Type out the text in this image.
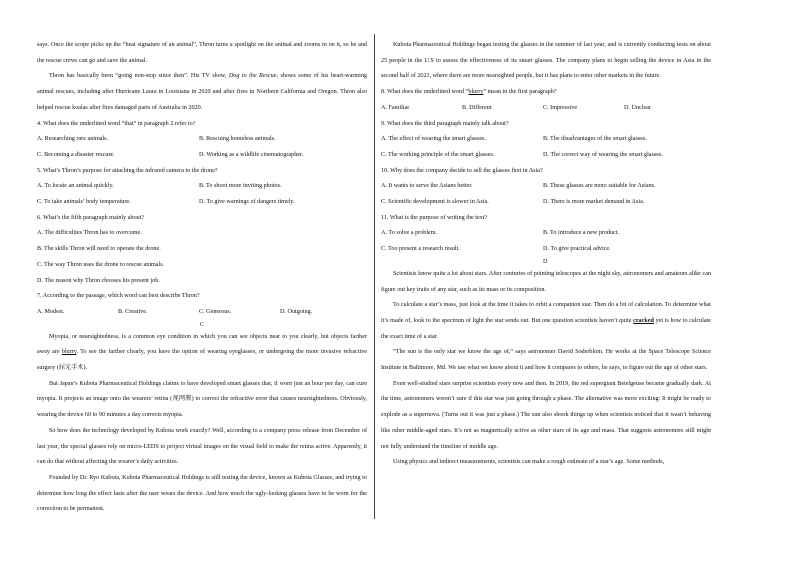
says. Once the scope picks up the “heat signature of an animal”, Thron turns a spotlight on the animal and zooms in on it, so he and the rescue crews can go and save the animal.

Thron has basically been “going non-stop since then”. His TV show, Dog to the Rescue, shows some of his heart-warming animal rescues, including after Hurricane Laura in Louisiana in 2020 and after fires in Northern California and Oregon. Thron also helped rescue koalas after fires damaged parts of Australia in 2020.

4. What does the underlined word “that” in paragraph 2 refer to?

A. Researching rare animals.	B. Rescuing homeless animals.
C. Becoming a disaster rescuer.	D. Working as a wildlife cinematographer.

5. What’s Thron’s purpose for attaching the infrared camera to the drone?

A. To locate an animal quickly.	B. To shoot more inviting photos.
C. To take animals’ body temperature.	D. To give warnings of dangers timely.

6. What’s the fifth paragraph mainly about?

A. The difficulties Thron has to overcome.

B. The skills Thron will need to operate the drone.

C. The way Thron uses the drone to rescue animals.

D. The reason why Thron chooses his present job.

7. According to the passage, which word can best describe Thron?

A. Modest.	B. Creative.	C. Generous.	D. Outgoing.

C

Myopia, or nearsightedness, is a common eye condition in which you can see objects near to you clearly, but objects farther away are blurry. To see the farther clearly, you have the option of wearing eyeglasses, or undergoing the more invasive refractive surgery (屈光手术).

But Japan’s Kubota Pharmaceutical Holdings claims to have developed smart glasses that, if worn just an hour per day, can cure myopia. It projects an image onto the wearers’ retina (视网膜) to correct the refractive error that causes nearsightedness. Obviously, wearing the device 60 to 90 minutes a day corrects myopia.

So how does the technology developed by Kubota work exactly? Well, according to a company press release from December of last year, the special glasses rely on micro-LEDS to project virtual images on the visual field to make the retina active. Apparently, it can do that without affecting the wearer’s daily activities.

Founded by Dr. Ryo Kubota, Kubota Pharmaceutical Holdings is still testing the device, known as Kubota Glasses, and trying to determine how long the effect lasts after the user wears the device. And how much the ugly-looking glasses have to be worn for the correction to be permanent.

Kubota Pharmaceutical Holdings began testing the glasses in the summer of last year, and is currently conducting tests on about 25 people in the U.S to assess the effectiveness of its smart glasses. The company plans to begin selling the device in Asia in the second half of 2021, where there are more nearsighted people, but it has plans to enter other markets in the future.

8. What does the underlined word “blurry” mean in the first paragraph?

A. Familiar	B. Different	C. Impressive	D. Unclear

9. What does the third paragraph mainly talk about?

A. The effect of wearing the smart glasses.	B. The disadvantages of the smart glasses.
C. The working principle of the smart glasses.	D. The correct way of wearing the smart glasses.

10. Why does the company decide to sell the glasses first in Asia?

A. It wants to serve the Asians better.	B. These glasses are more suitable for Asians.
C. Scientific development is slower in Asia.	D. There is more market demand in Asia.

11. What is the purpose of writing the text?

A. To solve a problem.	B. To introduce a new product.
C. Too present a research result.	D. To give practical advice.

D

Scientists know quite a lot about stars. After centuries of pointing telescopes at the night sky, astronomers and amateurs alike can figure out key traits of any star, such as its mass or its composition.

To calculate a star’s mass, just look at the time it takes to orbit a companion star. Then do a bit of calculation. To determine what it’s made of, look to the spectrum of light the star sends out. But one question scientists haven’t quite cracked yet is how to calculate the exact time of a star.

“The sun is the only star we know the age of,” says astronomer David Soderblom. He works at the Space Telescope Science Institute in Baltimore, Md. We use what we know about it and how it compares to others, he says, to figure out the age of other stars.

Even well-studied stars surprise scientists every now and then. In 2019, the red supergiant Betelgeuse became gradually dark. At the time, astronomers weren’t sure if this star was just going through a phase. The alternative was more exciting: It might be ready to explode as a supernova. (Turns out it was just a phase.) The sun also shook things up when scientists noticed that it wasn’t behaving like other middle-aged stars. It’s not as magnetically active as other stars of its age and mass. That suggests astronomers still might not fully understand the timeline of middle age.

Using physics and indirect measurements, scientists can make a rough estimate of a star’s age. Some methods,
